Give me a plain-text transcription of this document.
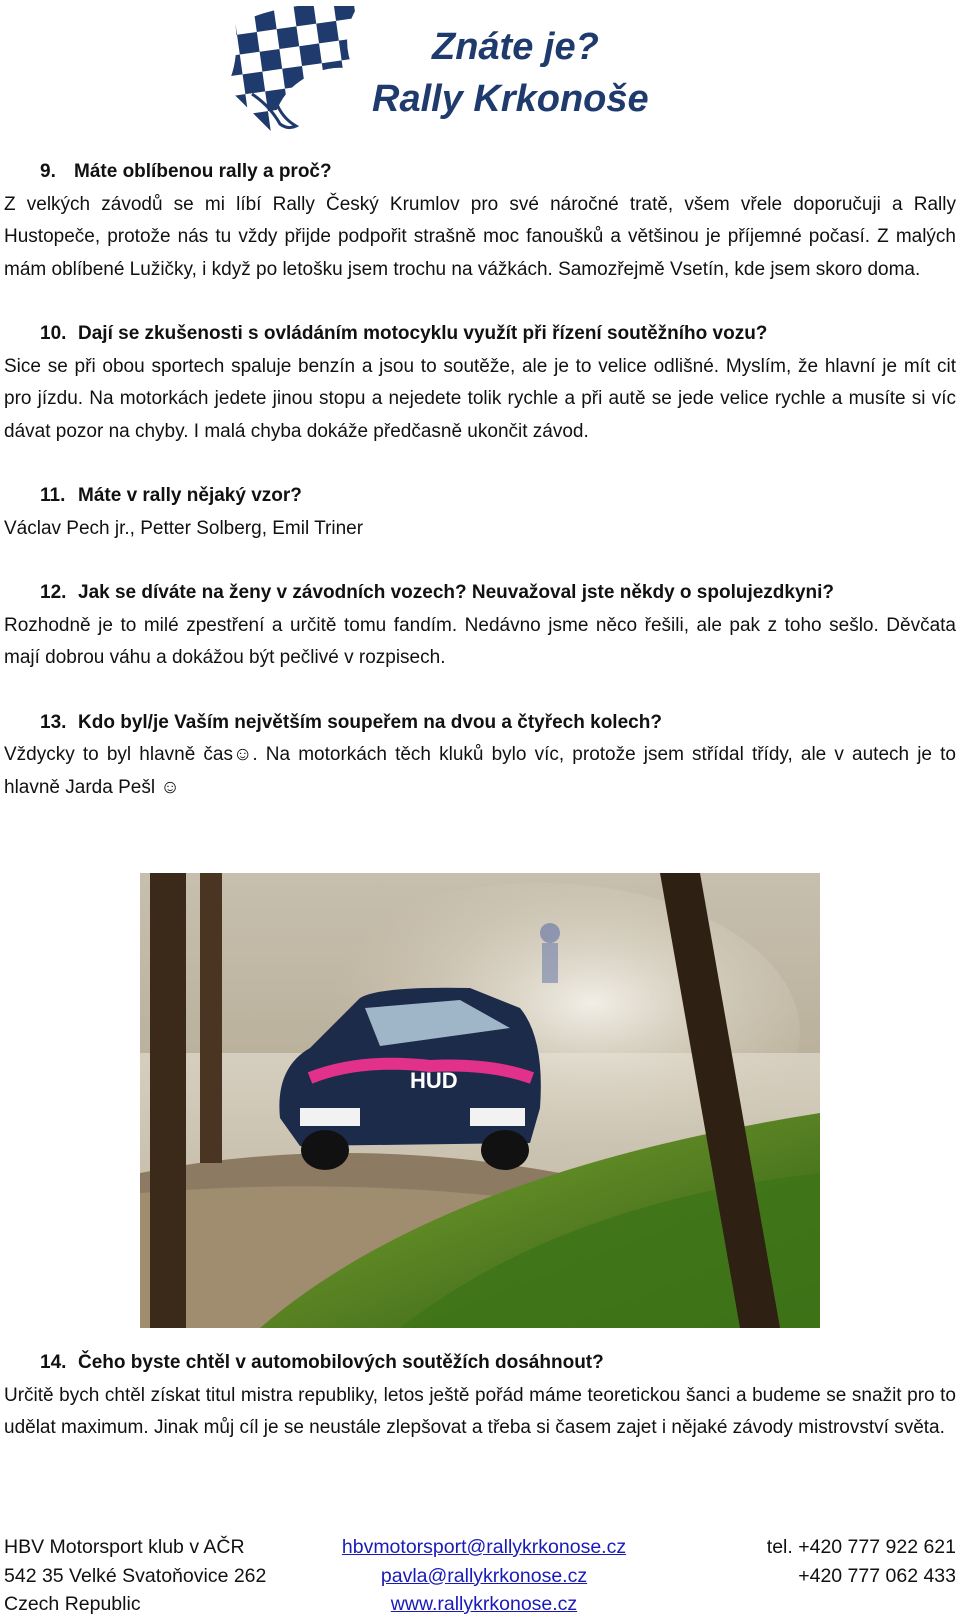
Znáte je?
Rally Krkonoše

9. Máte oblíbenou rally a proč?

Z velkých závodů se mi líbí Rally Český Krumlov pro své náročné tratě, všem vřele doporučuji a Rally Hustopeče, protože nás tu vždy přijde podpořit strašně moc fanoušků a většinou je příjemné počasí. Z malých mám oblíbené Lužičky, i když po letošku jsem trochu na vážkách. Samozřejmě Vsetín, kde jsem skoro doma.

10. Dají se zkušenosti s ovládáním motocyklu využít při řízení soutěžního vozu?

Sice se při obou sportech spaluje benzín a jsou to soutěže, ale je to velice odlišné. Myslím, že hlavní je mít cit pro jízdu. Na motorkách jedete jinou stopu a nejedete tolik rychle a při autě se jede velice rychle a musíte si víc dávat pozor na chyby. I malá chyba dokáže předčasně ukončit závod.

11. Máte v rally nějaký vzor?

Václav Pech jr., Petter Solberg, Emil Triner

12. Jak se díváte na ženy v závodních vozech? Neuvažoval jste někdy o spolujezdkyni?

Rozhodně je to milé zpestření a určitě tomu fandím. Nedávno jsme něco řešili, ale pak z toho sešlo. Děvčata mají dobrou váhu a dokážou být pečlivé v rozpisech.

13. Kdo byl/je Vaším největším soupeřem na dvou a čtyřech kolech?

Vždycky to byl hlavně čas☺. Na motorkách těch kluků bylo víc, protože jsem střídal třídy, ale v autech je to hlavně Jarda Pešl ☺

HUD

14. Čeho byste chtěl v automobilových soutěžích dosáhnout?

Určitě bych chtěl získat titul mistra republiky, letos ještě pořád máme teoretickou šanci a budeme se snažit pro to udělat maximum. Jinak můj cíl je se neustále zlepšovat a třeba si časem zajet i nějaké závody mistrovství světa.

HBV Motorsport klub v AČR
542 35 Velké Svatoňovice 262
Czech Republic
hbvmotorsport@rallykrkonose.cz
pavla@rallykrkonose.cz
www.rallykrkonose.cz
tel. +420 777 922 621
+420 777 062 433
